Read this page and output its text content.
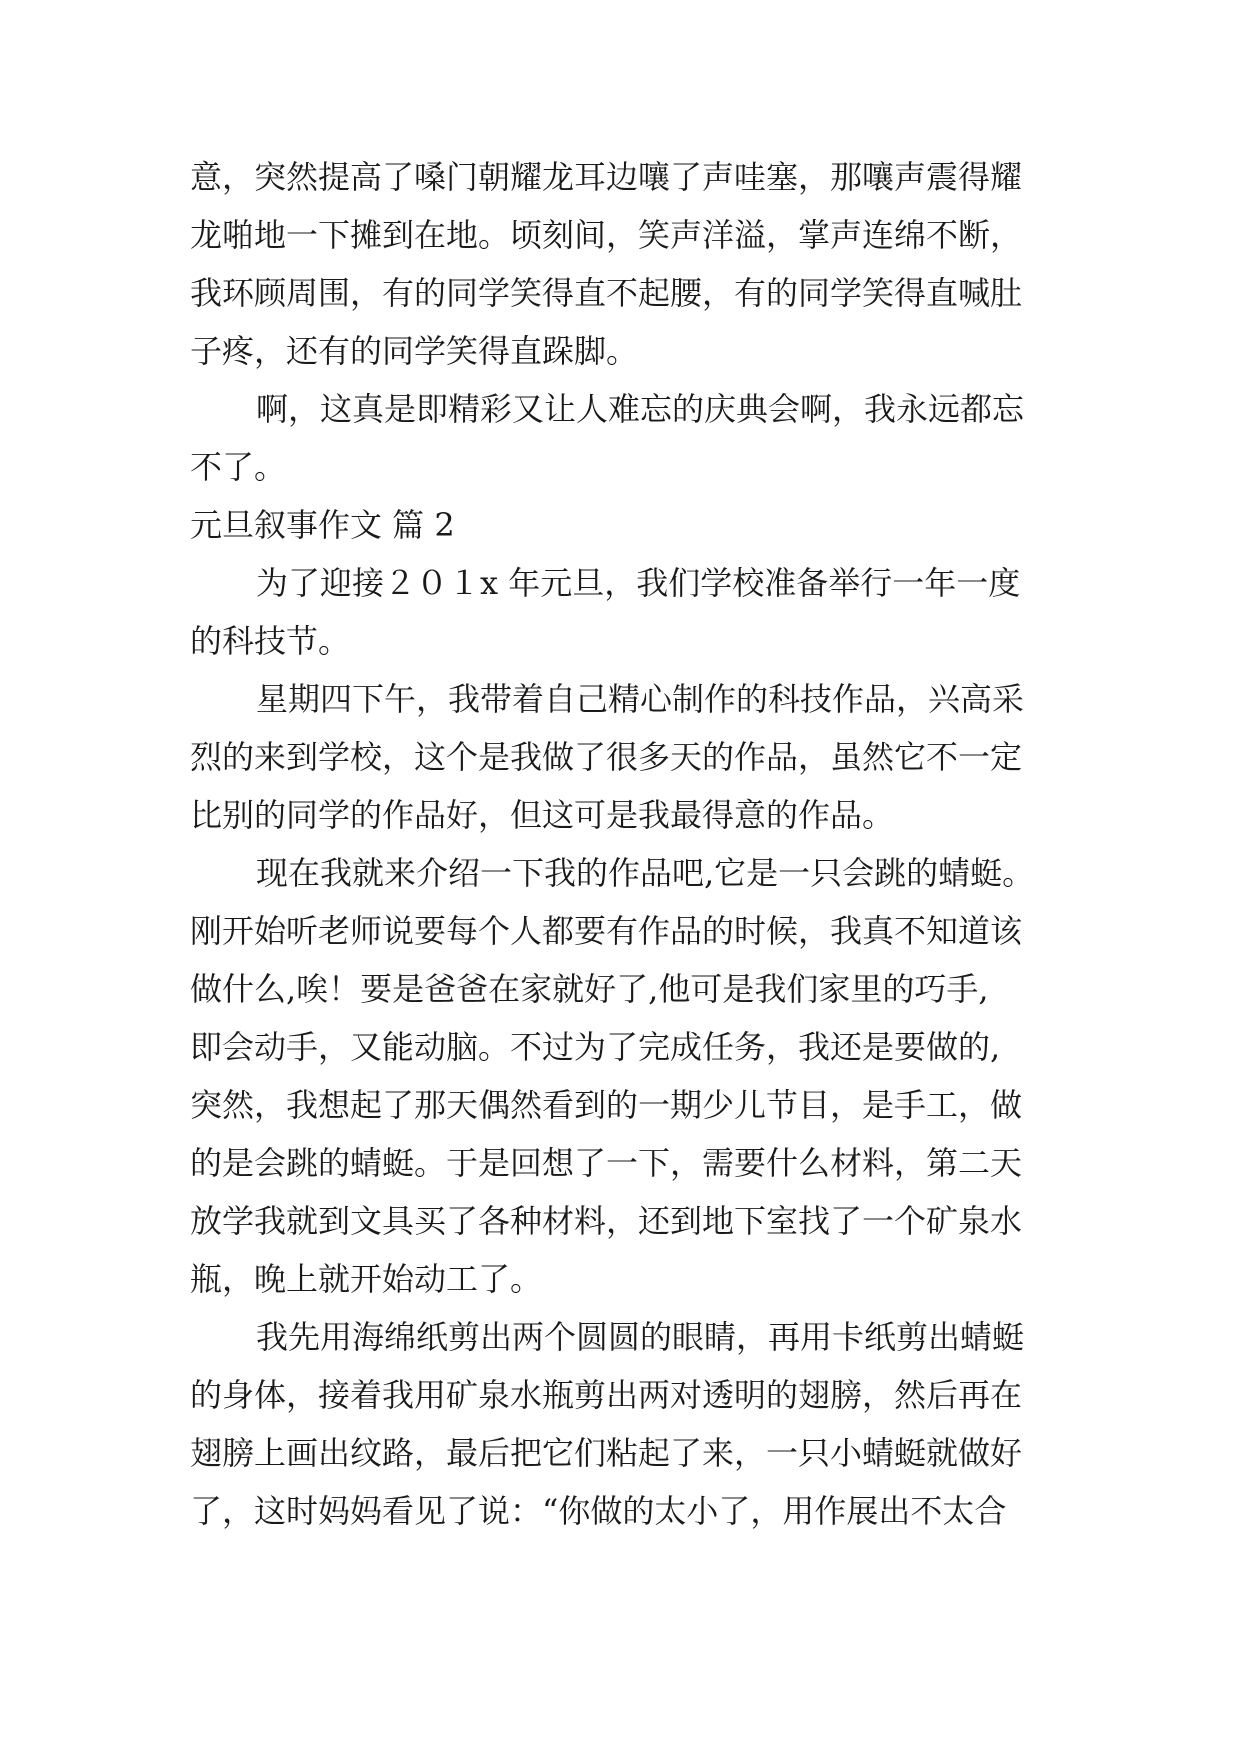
意，突然提高了嗓门朝耀龙耳边嚷了声哇塞，那嚷声震得耀
龙啪地一下摊到在地。顷刻间，笑声洋溢，掌声连绵不断，
我环顾周围，有的同学笑得直不起腰，有的同学笑得直喊肚
子疼，还有的同学笑得直跺脚。
啊，这真是即精彩又让人难忘的庆典会啊，我永远都忘
不了。
元旦叙事作文 篇 2
为了迎接２０１x 年元旦，我们学校准备举行一年一度
的科技节。
星期四下午，我带着自己精心制作的科技作品，兴高采
烈的来到学校，这个是我做了很多天的作品，虽然它不一定
比别的同学的作品好，但这可是我最得意的作品。
现在我就来介绍一下我的作品吧,它是一只会跳的蜻蜓。
刚开始听老师说要每个人都要有作品的时候，我真不知道该
做什么,唉！要是爸爸在家就好了,他可是我们家里的巧手,
即会动手，又能动脑。不过为了完成任务，我还是要做的,
突然，我想起了那天偶然看到的一期少儿节目，是手工，做
的是会跳的蜻蜓。于是回想了一下，需要什么材料，第二天
放学我就到文具买了各种材料，还到地下室找了一个矿泉水
瓶，晚上就开始动工了。
我先用海绵纸剪出两个圆圆的眼睛，再用卡纸剪出蜻蜓
的身体，接着我用矿泉水瓶剪出两对透明的翅膀，然后再在
翅膀上画出纹路，最后把它们粘起了来，一只小蜻蜓就做好
了，这时妈妈看见了说：“你做的太小了，用作展出不太合
